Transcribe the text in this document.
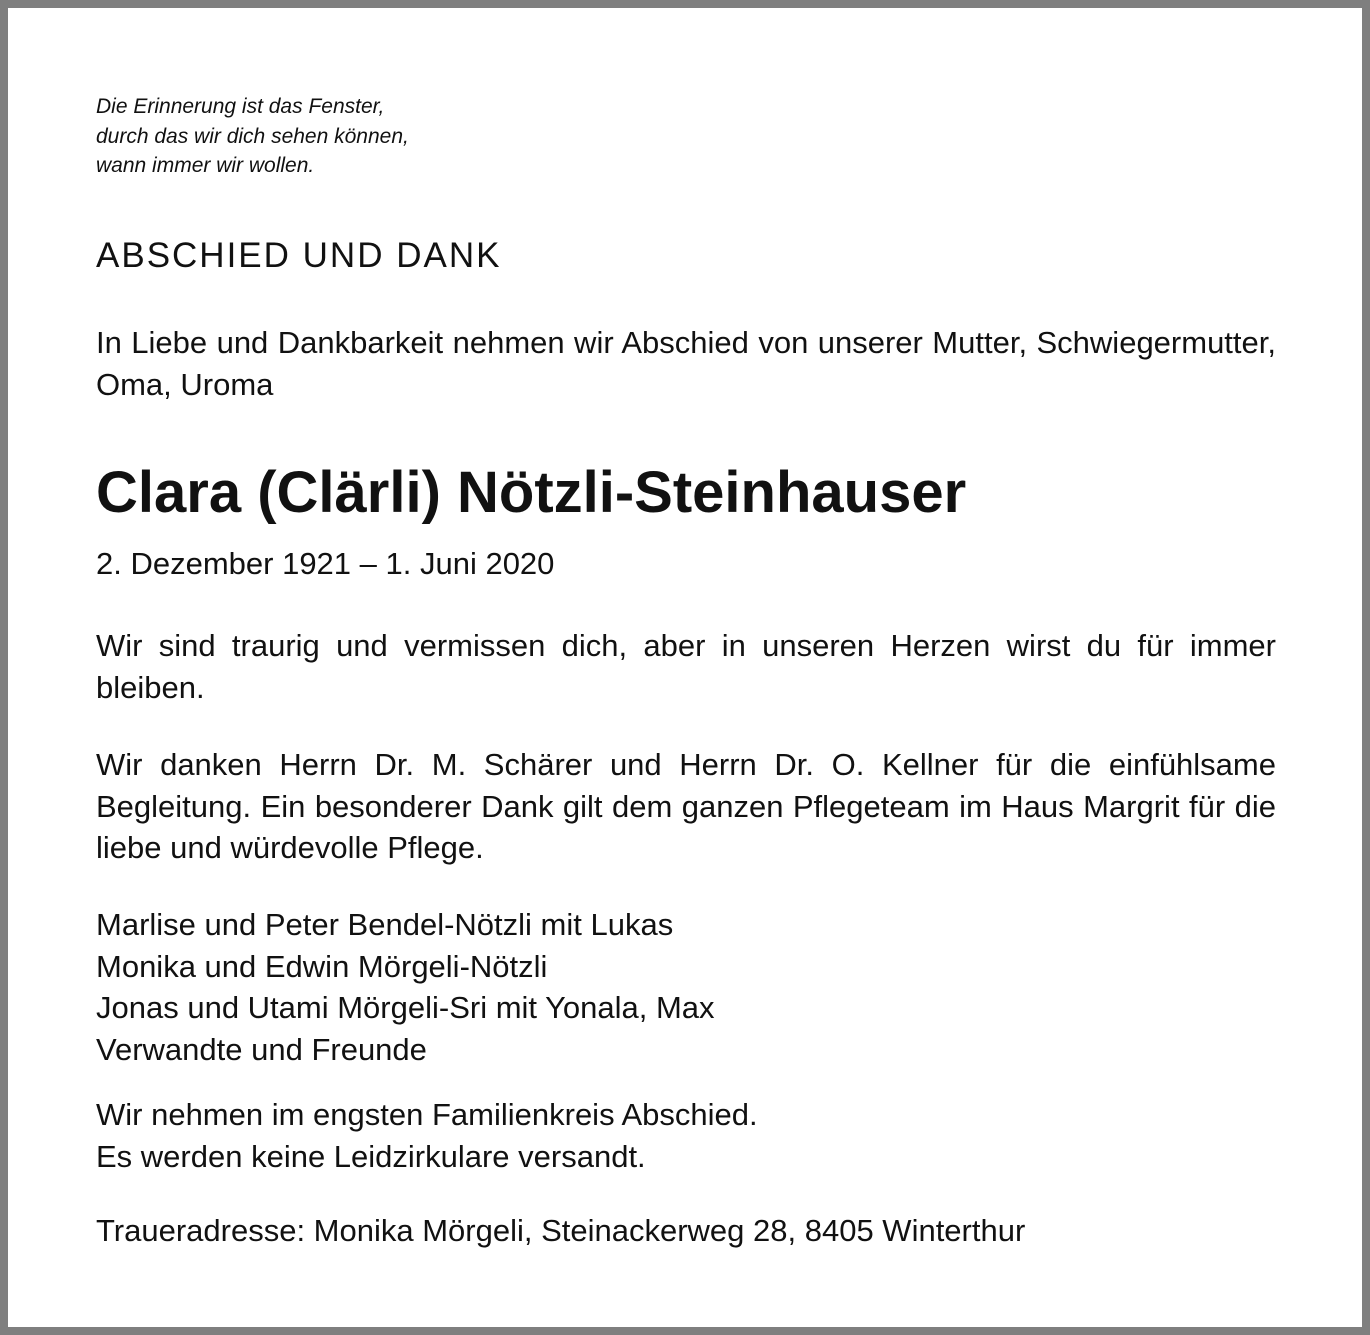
Die Erinnerung ist das Fenster,
durch das wir dich sehen können,
wann immer wir wollen.
ABSCHIED UND DANK
In Liebe und Dankbarkeit nehmen wir Abschied von unserer Mutter, Schwiegermutter, Oma, Uroma
Clara (Clärli) Nötzli-Steinhauser
2. Dezember 1921 – 1. Juni 2020
Wir sind traurig und vermissen dich, aber in unseren Herzen wirst du für immer bleiben.
Wir danken Herrn Dr. M. Schärer und Herrn Dr. O. Kellner für die einfühlsame Begleitung. Ein besonderer Dank gilt dem ganzen Pflegeteam im Haus Margrit für die liebe und würdevolle Pflege.
Marlise und Peter Bendel-Nötzli mit Lukas
Monika und Edwin Mörgeli-Nötzli
Jonas und Utami Mörgeli-Sri mit Yonala, Max
Verwandte und Freunde
Wir nehmen im engsten Familienkreis Abschied.
Es werden keine Leidzirkulare versandt.
Traueradresse: Monika Mörgeli, Steinackerweg 28, 8405 Winterthur
